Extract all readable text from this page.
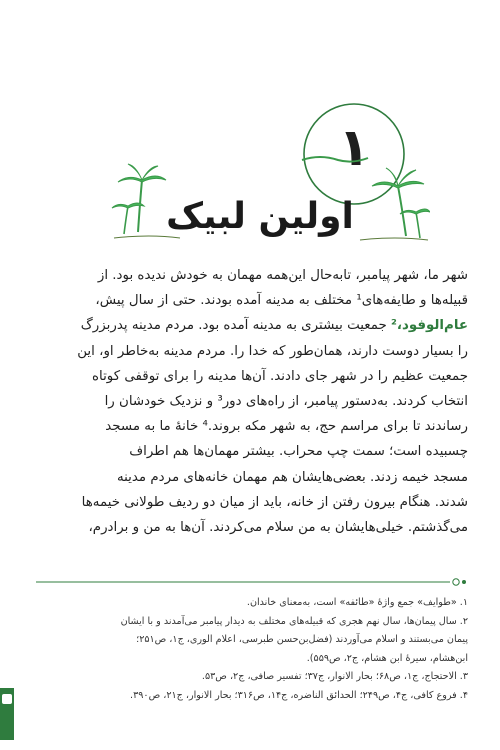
۱
اولین لبیک
شهر ما، شهر پیامبر، تابه‌حال این‌همه مهمان به خودش ندیده بود. از
قبیله‌ها و طایفه‌های¹ مختلف به مدینه آمده بودند. حتی از سال پیش،
عام‌الوفود،² جمعیت بیشتری به مدینه آمده بود. مردم مدینه پدربزرگ
را بسیار دوست دارند، همان‌طور که خدا را. مردم مدینه به‌خاطر او، این
جمعیت عظیم را در شهر جای دادند. آن‌ها مدینه را برای توقفی کوتاه
انتخاب کردند. به‌دستور پیامبر، از راه‌های دور³ و نزدیک خودشان را
رساندند تا برای مراسم حج، به شهر مکه بروند.⁴ خانۀ ما به مسجد
چسبیده است؛ سمت چپ محراب. بیشتر مهمان‌ها هم اطراف
مسجد خیمه زدند. بعضی‌هایشان هم مهمان خانه‌های مردم مدینه
شدند. هنگام بیرون رفتن از خانه، باید از میان دو ردیف طولانی خیمه‌ها
می‌گذشتم. خیلی‌هایشان به من سلام می‌کردند. آن‌ها به من و برادرم،
۱. «طوایف» جمع واژۀ «طائفه» است، به‌معنای خاندان.
۲. سال پیمان‌ها، سال نهم هجری که قبیله‌های مختلف به دیدار پیامبر می‌آمدند و با ایشان
پیمان می‌بستند و اسلام می‌آوردند (فضل‌بن‌حسن طبرسی، اعلام الوری، ج۱، ص۲۵۱؛
ابن‌هشام، سیرۀ ابن هشام، ج۲، ص۵۵۹).
۳. الاحتجاج، ج۱، ص۶۸؛ بحار الانوار، ج۳۷؛ تفسیر صافی، ج۲، ص۵۳.
۴. فروع کافی، ج۴، ص۲۴۹؛ الحدائق الناضره، ج۱۴، ص۳۱۶؛ بحار الانوار، ج۲۱، ص۳۹۰.
